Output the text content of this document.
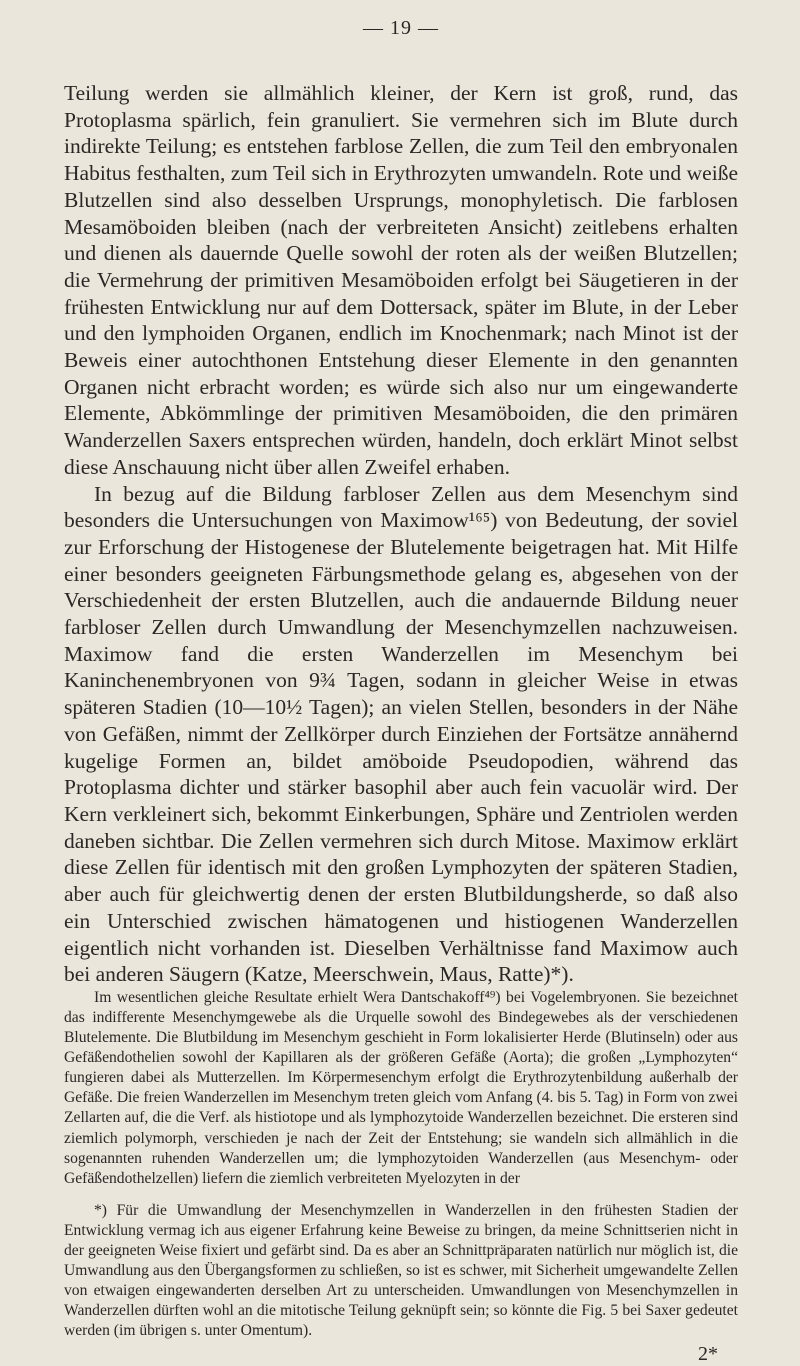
— 19 —

Teilung werden sie allmählich kleiner, der Kern ist groß, rund, das Protoplasma spärlich, fein granuliert. Sie vermehren sich im Blute durch indirekte Teilung; es entstehen farblose Zellen, die zum Teil den embryonalen Habitus festhalten, zum Teil sich in Erythrozyten umwandeln. Rote und weiße Blutzellen sind also desselben Ursprungs, monophyletisch. Die farblosen Mesamöboiden bleiben (nach der verbreiteten Ansicht) zeitlebens erhalten und dienen als dauernde Quelle sowohl der roten als der weißen Blutzellen; die Vermehrung der primitiven Mesamöboiden erfolgt bei Säugetieren in der frühesten Entwicklung nur auf dem Dottersack, später im Blute, in der Leber und den lymphoiden Organen, endlich im Knochenmark; nach Minot ist der Beweis einer autochthonen Entstehung dieser Elemente in den genannten Organen nicht erbracht worden; es würde sich also nur um eingewanderte Elemente, Abkömmlinge der primitiven Mesamöboiden, die den primären Wanderzellen Saxers entsprechen würden, handeln, doch erklärt Minot selbst diese Anschauung nicht über allen Zweifel erhaben.

In bezug auf die Bildung farbloser Zellen aus dem Mesenchym sind besonders die Untersuchungen von Maximow¹⁶⁵) von Bedeutung, der soviel zur Erforschung der Histogenese der Blutelemente beigetragen hat. Mit Hilfe einer besonders geeigneten Färbungsmethode gelang es, abgesehen von der Verschiedenheit der ersten Blutzellen, auch die andauernde Bildung neuer farbloser Zellen durch Umwandlung der Mesenchymzellen nachzuweisen. Maximow fand die ersten Wanderzellen im Mesenchym bei Kaninchenembryonen von 9¾ Tagen, sodann in gleicher Weise in etwas späteren Stadien (10—10½ Tagen); an vielen Stellen, besonders in der Nähe von Gefäßen, nimmt der Zellkörper durch Einziehen der Fortsätze annähernd kugelige Formen an, bildet amöboide Pseudopodien, während das Protoplasma dichter und stärker basophil aber auch fein vacuolär wird. Der Kern verkleinert sich, bekommt Einkerbungen, Sphäre und Zentriolen werden daneben sichtbar. Die Zellen vermehren sich durch Mitose. Maximow erklärt diese Zellen für identisch mit den großen Lymphozyten der späteren Stadien, aber auch für gleichwertig denen der ersten Blutbildungsherde, so daß also ein Unterschied zwischen hämatogenen und histiogenen Wanderzellen eigentlich nicht vorhanden ist. Dieselben Verhältnisse fand Maximow auch bei anderen Säugern (Katze, Meerschwein, Maus, Ratte)*).

Im wesentlichen gleiche Resultate erhielt Wera Dantschakoff⁴⁹) bei Vogelembryonen. Sie bezeichnet das indifferente Mesenchymgewebe als die Urquelle sowohl des Bindegewebes als der verschiedenen Blutelemente. Die Blutbildung im Mesenchym geschieht in Form lokalisierter Herde (Blutinseln) oder aus Gefäßendothelien sowohl der Kapillaren als der größeren Gefäße (Aorta); die großen „Lymphozyten“ fungieren dabei als Mutterzellen. Im Körpermesenchym erfolgt die Erythrozytenbildung außerhalb der Gefäße. Die freien Wanderzellen im Mesenchym treten gleich vom Anfang (4. bis 5. Tag) in Form von zwei Zellarten auf, die die Verf. als histiotope und als lymphozytoide Wanderzellen bezeichnet. Die ersteren sind ziemlich polymorph, verschieden je nach der Zeit der Entstehung; sie wandeln sich allmählich in die sogenannten ruhenden Wanderzellen um; die lymphozytoiden Wanderzellen (aus Mesenchym- oder Gefäßendothelzellen) liefern die ziemlich verbreiteten Myelozyten in der

*) Für die Umwandlung der Mesenchymzellen in Wanderzellen in den frühesten Stadien der Entwicklung vermag ich aus eigener Erfahrung keine Beweise zu bringen, da meine Schnittserien nicht in der geeigneten Weise fixiert und gefärbt sind. Da es aber an Schnittpräparaten natürlich nur möglich ist, die Umwandlung aus den Übergangsformen zu schließen, so ist es schwer, mit Sicherheit umgewandelte Zellen von etwaigen eingewanderten derselben Art zu unterscheiden. Umwandlungen von Mesenchymzellen in Wanderzellen dürften wohl an die mitotische Teilung geknüpft sein; so könnte die Fig. 5 bei Saxer gedeutet werden (im übrigen s. unter Omentum).

2*
